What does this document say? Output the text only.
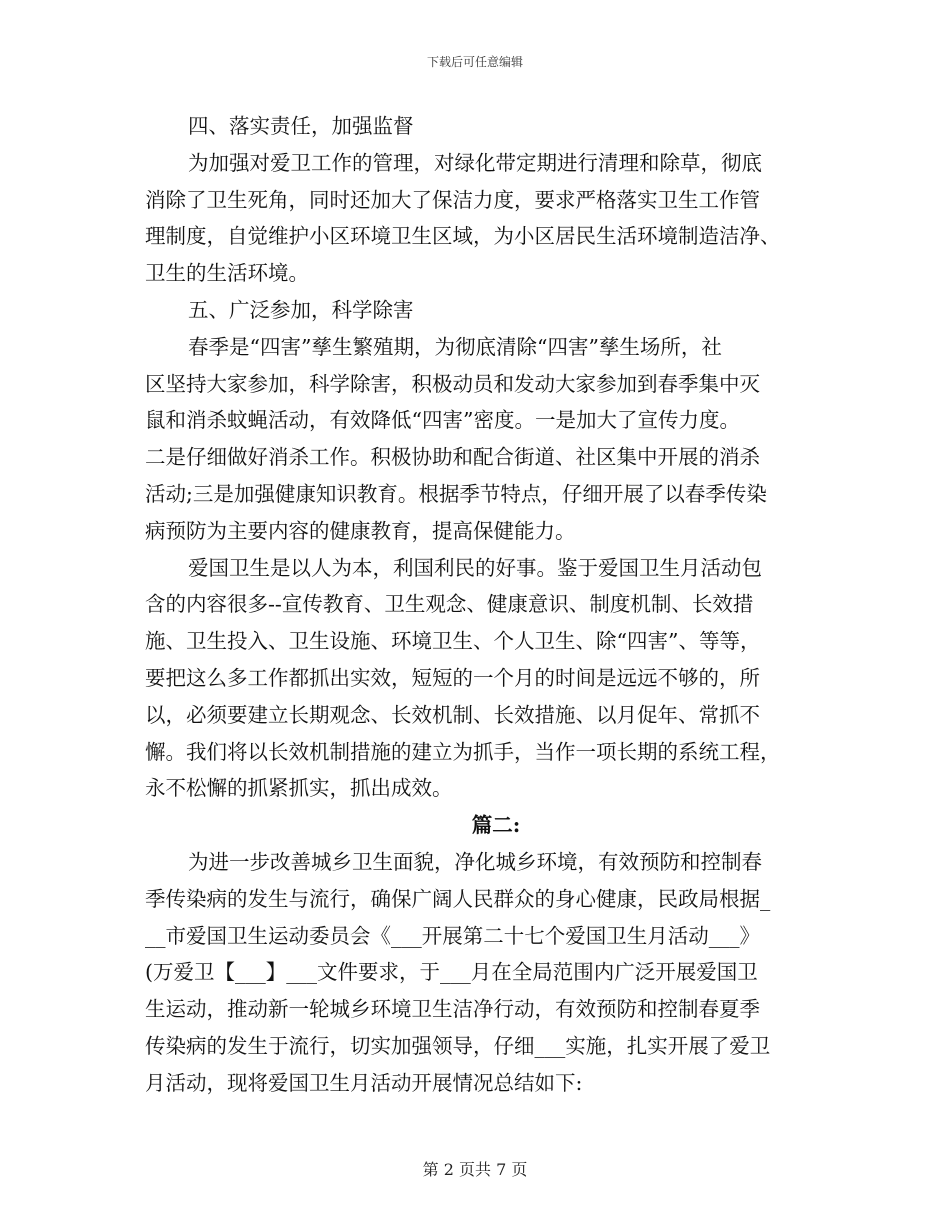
下载后可任意编辑
四、落实责任，加强监督
为加强对爱卫工作的管理，对绿化带定期进行清理和除草，彻底
消除了卫生死角，同时还加大了保洁力度，要求严格落实卫生工作管
理制度，自觉维护小区环境卫生区域，为小区居民生活环境制造洁净、
卫生的生活环境。
五、广泛参加，科学除害
春季是“四害”孳生繁殖期，为彻底清除“四害”孳生场所，社
区坚持大家参加，科学除害，积极动员和发动大家参加到春季集中灭
鼠和消杀蚊蝇活动，有效降低“四害”密度。一是加大了宣传力度。
二是仔细做好消杀工作。积极协助和配合街道、社区集中开展的消杀
活动;三是加强健康知识教育。根据季节特点，仔细开展了以春季传染
病预防为主要内容的健康教育，提高保健能力。
爱国卫生是以人为本，利国利民的好事。鉴于爱国卫生月活动包
含的内容很多--宣传教育、卫生观念、健康意识、制度机制、长效措
施、卫生投入、卫生设施、环境卫生、个人卫生、除“四害”、等等，
要把这么多工作都抓出实效，短短的一个月的时间是远远不够的，所
以，必须要建立长期观念、长效机制、长效措施、以月促年、常抓不
懈。我们将以长效机制措施的建立为抓手，当作一项长期的系统工程，
永不松懈的抓紧抓实，抓出成效。
篇二:
为进一步改善城乡卫生面貌，净化城乡环境，有效预防和控制春
季传染病的发生与流行，确保广阔人民群众的身心健康，民政局根据_
__市爱国卫生运动委员会《___开展第二十七个爱国卫生月活动___》
(万爱卫【___】___文件要求，于___月在全局范围内广泛开展爱国卫
生运动，推动新一轮城乡环境卫生洁净行动，有效预防和控制春夏季
传染病的发生于流行，切实加强领导，仔细___实施，扎实开展了爱卫
月活动，现将爱国卫生月活动开展情况总结如下:
第 2 页共 7 页
